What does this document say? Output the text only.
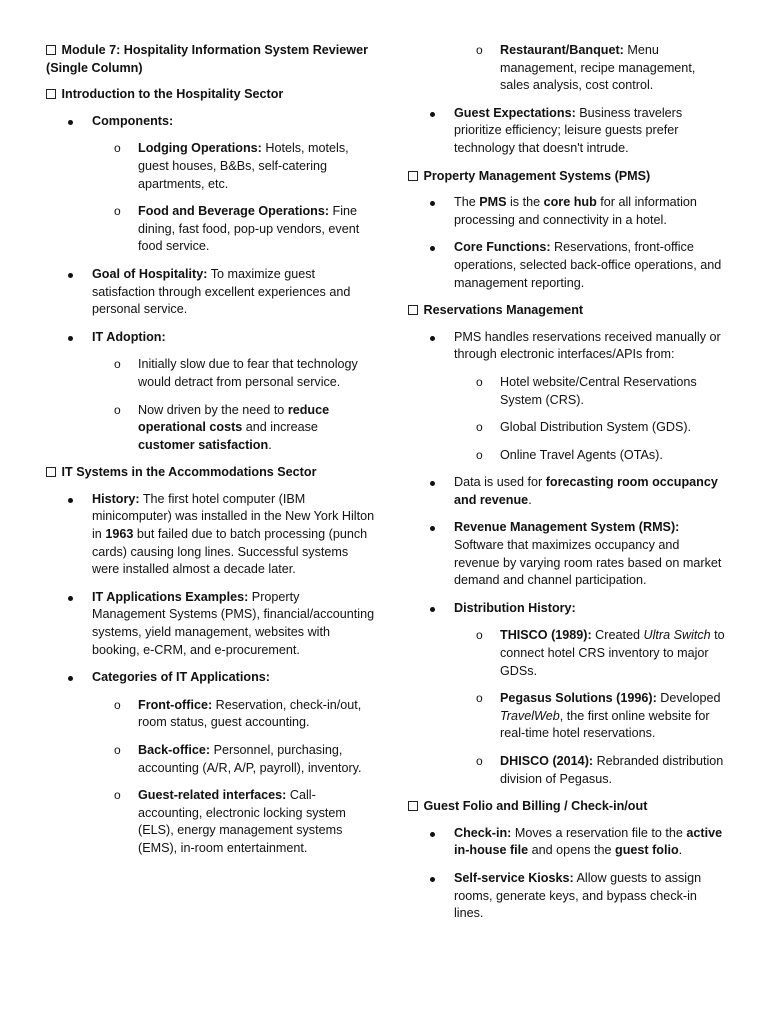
Module 7: Hospitality Information System Reviewer (Single Column)
Introduction to the Hospitality Sector
Components:
o Lodging Operations: Hotels, motels, guest houses, B&Bs, self-catering apartments, etc.
o Food and Beverage Operations: Fine dining, fast food, pop-up vendors, event food service.
Goal of Hospitality: To maximize guest satisfaction through excellent experiences and personal service.
IT Adoption:
o Initially slow due to fear that technology would detract from personal service.
o Now driven by the need to reduce operational costs and increase customer satisfaction.
IT Systems in the Accommodations Sector
History: The first hotel computer (IBM minicomputer) was installed in the New York Hilton in 1963 but failed due to batch processing (punch cards) causing long lines. Successful systems were installed almost a decade later.
IT Applications Examples: Property Management Systems (PMS), financial/accounting systems, yield management, websites with booking, e-CRM, and e-procurement.
Categories of IT Applications:
o Front-office: Reservation, check-in/out, room status, guest accounting.
o Back-office: Personnel, purchasing, accounting (A/R, A/P, payroll), inventory.
o Guest-related interfaces: Call-accounting, electronic locking system (ELS), energy management systems (EMS), in-room entertainment.
o Restaurant/Banquet: Menu management, recipe management, sales analysis, cost control.
Guest Expectations: Business travelers prioritize efficiency; leisure guests prefer technology that doesn't intrude.
Property Management Systems (PMS)
The PMS is the core hub for all information processing and connectivity in a hotel.
Core Functions: Reservations, front-office operations, selected back-office operations, and management reporting.
Reservations Management
PMS handles reservations received manually or through electronic interfaces/APIs from:
o Hotel website/Central Reservations System (CRS).
o Global Distribution System (GDS).
o Online Travel Agents (OTAs).
Data is used for forecasting room occupancy and revenue.
Revenue Management System (RMS): Software that maximizes occupancy and revenue by varying room rates based on market demand and channel participation.
Distribution History:
o THISCO (1989): Created Ultra Switch to connect hotel CRS inventory to major GDSs.
o Pegasus Solutions (1996): Developed TravelWeb, the first online website for real-time hotel reservations.
o DHISCO (2014): Rebranded distribution division of Pegasus.
Guest Folio and Billing / Check-in/out
Check-in: Moves a reservation file to the active in-house file and opens the guest folio.
Self-service Kiosks: Allow guests to assign rooms, generate keys, and bypass check-in lines.
